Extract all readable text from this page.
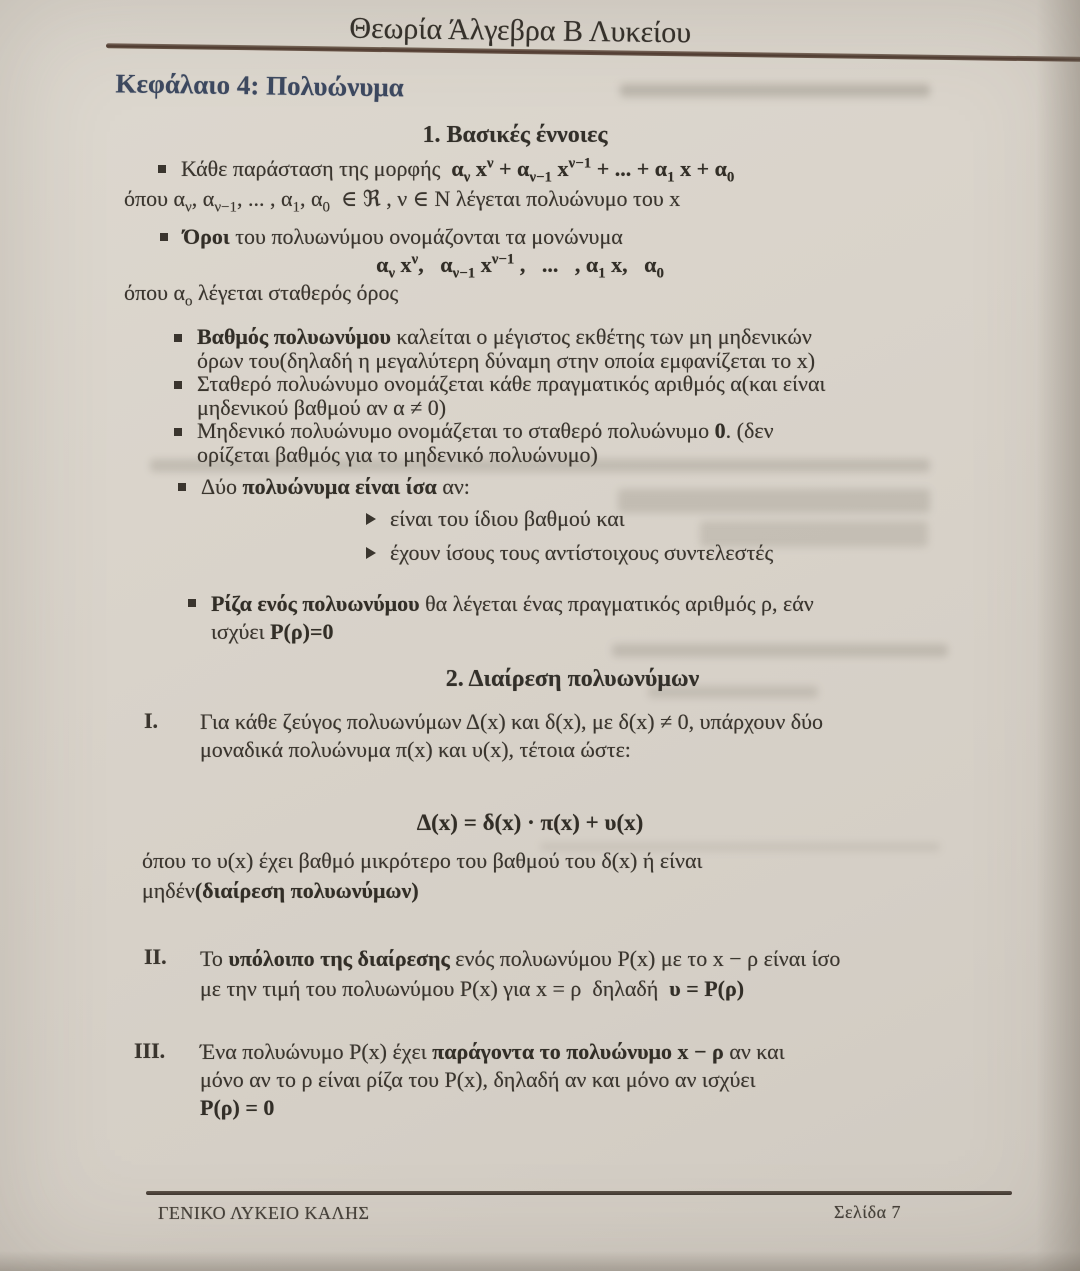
Θεωρία Άλγεβρα Β Λυκείου
Κεφάλαιο 4: Πολυώνυμα
1. Βασικές έννοιες
Κάθε παράσταση της μορφής  $\alpha_\nu$ $x^\nu + \alpha_{\nu-1}$ $x^{\nu-1}$ + ... + $\alpha_1$ $x + \alpha_0$
όπου $\alpha_\nu$, $\alpha_{\nu-1}$, ... , $\alpha_1$, $\alpha_0$  ∈ ℜ , ν ∈ N λέγεται πολυώνυμο του x
Όροι του πολυωνύμου ονομάζονται τα μονώνυμα
$\alpha_\nu$ $x^\nu$,   $\alpha_{\nu-1}$ $x^{\nu-1}$ ,   ...   , $\alpha_1$ x,   $\alpha_0$
όπου $\alpha_o$ λέγεται σταθερός όρος
Βαθμός πολυωνύμου καλείται ο μέγιστος εκθέτης των μη μηδενικών
όρων του(δηλαδή η μεγαλύτερη δύναμη στην οποία εμφανίζεται το x)
Σταθερό πολυώνυμο ονομάζεται κάθε πραγματικός αριθμός α(και είναι
μηδενικού βαθμού αν α ≠ 0)
Μηδενικό πολυώνυμο ονομάζεται το σταθερό πολυώνυμο 0. (δεν
ορίζεται βαθμός για το μηδενικό πολυώνυμο)
Δύο πολυώνυμα είναι ίσα αν:
είναι του ίδιου βαθμού και
έχουν ίσους τους αντίστοιχους συντελεστές
Ρίζα ενός πολυωνύμου θα λέγεται ένας πραγματικός αριθμός ρ, εάν
ισχύει P(ρ)=0
2. Διαίρεση πολυωνύμων
I. Για κάθε ζεύγος πολυωνύμων Δ(x) και δ(x), με δ(x) ≠ 0, υπάρχουν δύο
μοναδικά πολυώνυμα π(x) και υ(x), τέτοια ώστε:
Δ(x) = δ(x) · π(x) + υ(x)
όπου το υ(x) έχει βαθμό μικρότερο του βαθμού του δ(x) ή είναι
μηδέν(διαίρεση πολυωνύμων)
II. Το υπόλοιπο της διαίρεσης ενός πολυωνύμου P(x) με το x − ρ είναι ίσο
με την τιμή του πολυωνύμου P(x) για x = ρ  δηλαδή  υ = P(ρ)
III. Ένα πολυώνυμο P(x) έχει παράγοντα το πολυώνυμο x − ρ αν και
μόνο αν το ρ είναι ρίζα του P(x), δηλαδή αν και μόνο αν ισχύει
P(ρ) = 0
ΓΕΝΙΚΟ ΛΥΚΕΙΟ ΚΑΛΗΣ	Σελίδα 7
